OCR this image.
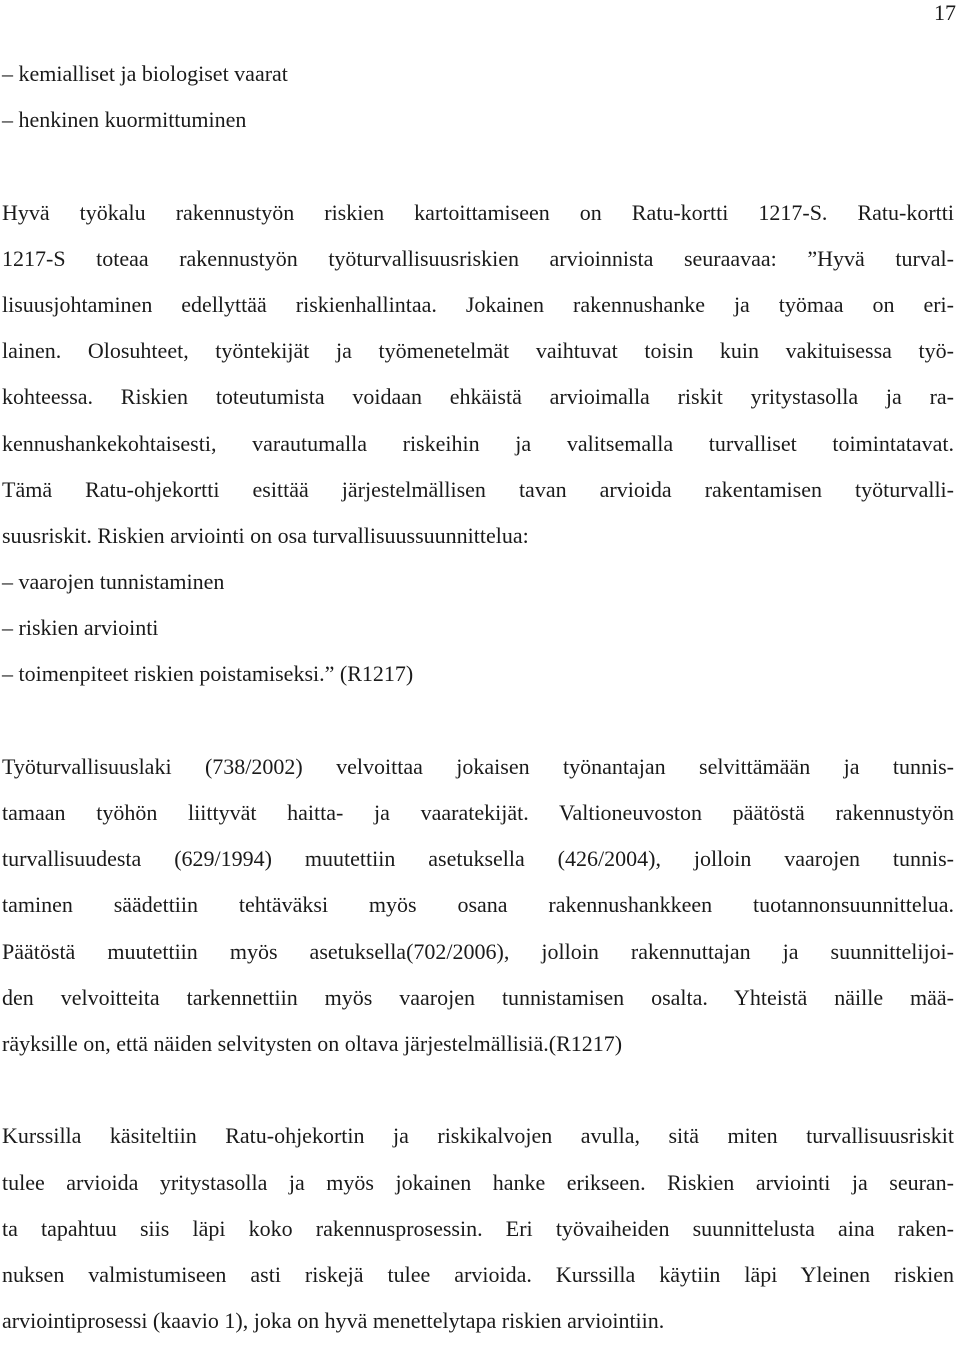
17
– kemialliset ja biologiset vaarat
– henkinen kuormittuminen
Hyvä työkalu rakennustyön riskien kartoittamiseen on Ratu-kortti 1217-S. Ratu-kortti
1217-S toteaa rakennustyön työturvallisuusriskien arvioinnista seuraavaa: ”Hyvä turval-
lisuusjohtaminen edellyttää riskienhallintaa. Jokainen rakennushanke ja työmaa on eri-
lainen. Olosuhteet, työntekijät ja työmenetelmät vaihtuvat toisin kuin vakituisessa työ-
kohteessa. Riskien toteutumista voidaan ehkäistä arvioimalla riskit yritystasolla ja ra-
kennushankekohtaisesti, varautumalla riskeihin ja valitsemalla turvalliset toimintatavat.
Tämä Ratu-ohjekortti esittää järjestelmällisen tavan arvioida rakentamisen työturvalli-
suusriskit. Riskien arviointi on osa turvallisuussuunnittelua:
– vaarojen tunnistaminen
– riskien arviointi
– toimenpiteet riskien poistamiseksi.” (R1217)
Työturvallisuuslaki (738/2002) velvoittaa jokaisen työnantajan selvittämään ja tunnis-
tamaan työhön liittyvät haitta- ja vaaratekijät. Valtioneuvoston päätöstä rakennustyön
turvallisuudesta (629/1994) muutettiin asetuksella (426/2004), jolloin vaarojen tunnis-
taminen säädettiin tehtäväksi myös osana rakennushankkeen tuotannonsuunnittelua.
Päätöstä muutettiin myös asetuksella(702/2006), jolloin rakennuttajan ja suunnittelijoi-
den velvoitteita tarkennettiin myös vaarojen tunnistamisen osalta. Yhteistä näille mää-
räyksille on, että näiden selvitysten on oltava järjestelmällisiä.(R1217)
Kurssilla käsiteltiin Ratu-ohjekortin ja riskikalvojen avulla, sitä miten turvallisuusriskit
tulee arvioida yritystasolla ja myös jokainen hanke erikseen. Riskien arviointi ja seuran-
ta tapahtuu siis läpi koko rakennusprosessin. Eri työvaiheiden suunnittelusta aina raken-
nuksen valmistumiseen asti riskejä tulee arvioida. Kurssilla käytiin läpi Yleinen riskien
arviointiprosessi (kaavio 1), joka on hyvä menettelytapa riskien arviointiin.
